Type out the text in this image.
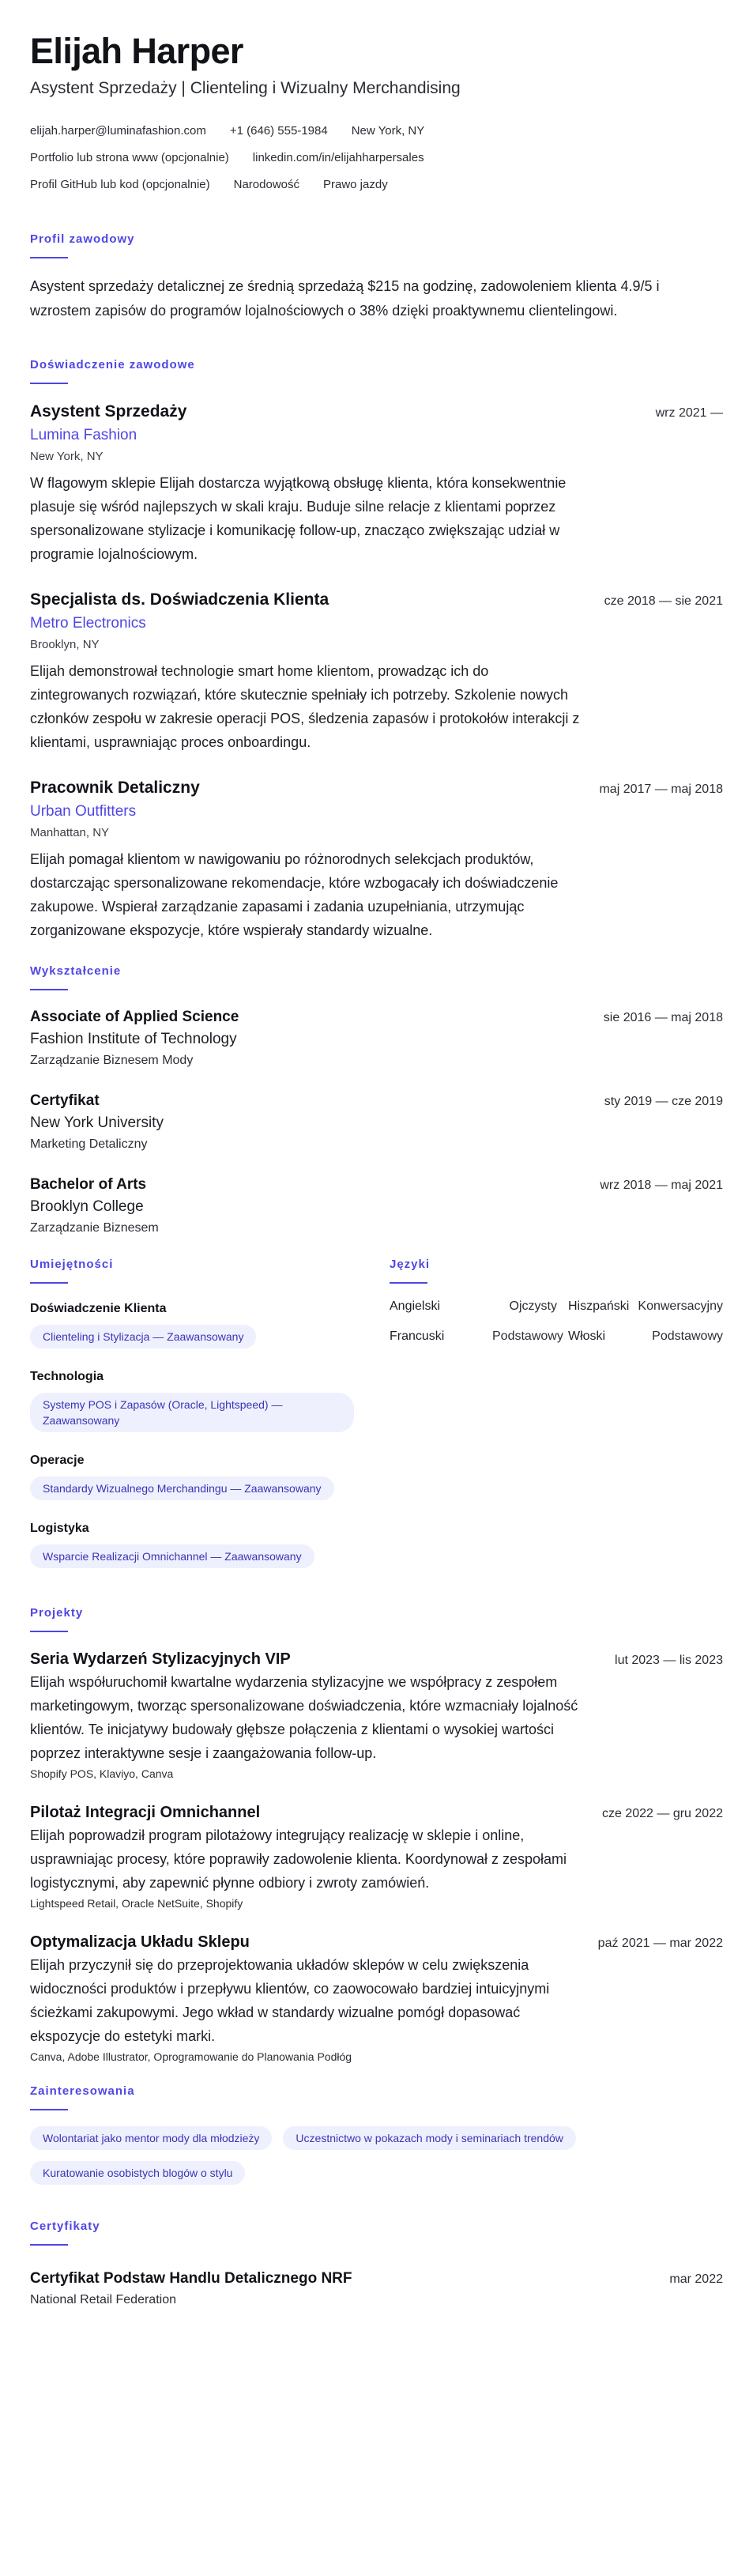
Elijah Harper
Asystent Sprzedaży | Clienteling i Wizualny Merchandising
elijah.harper@luminafashion.com +1 (646) 555-1984 New York, NY
Portfolio lub strona www (opcjonalnie) linkedin.com/in/elijahharpersales
Profil GitHub lub kod (opcjonalnie) Narodowość Prawo jazdy
Profil zawodowy
Asystent sprzedaży detalicznej ze średnią sprzedażą $215 na godzinę, zadowoleniem klienta 4.9/5 i wzrostem zapisów do programów lojalnościowych o 38% dzięki proaktywnemu clientelingowi.
Doświadczenie zawodowe
Asystent Sprzedaży	wrz 2021 —
Lumina Fashion
New York, NY
W flagowym sklepie Elijah dostarcza wyjątkową obsługę klienta, która konsekwentnie plasuje się wśród najlepszych w skali kraju. Buduje silne relacje z klientami poprzez spersonalizowane stylizacje i komunikację follow-up, znacząco zwiększając udział w programie lojalnościowym.
Specjalista ds. Doświadczenia Klienta	cze 2018 — sie 2021
Metro Electronics
Brooklyn, NY
Elijah demonstrował technologie smart home klientom, prowadząc ich do zintegrowanych rozwiązań, które skutecznie spełniały ich potrzeby. Szkolenie nowych członków zespołu w zakresie operacji POS, śledzenia zapasów i protokołów interakcji z klientami, usprawniając proces onboardingu.
Pracownik Detaliczny	maj 2017 — maj 2018
Urban Outfitters
Manhattan, NY
Elijah pomagał klientom w nawigowaniu po różnorodnych selekcjach produktów, dostarczając spersonalizowane rekomendacje, które wzbogacały ich doświadczenie zakupowe. Wspierał zarządzanie zapasami i zadania uzupełniania, utrzymując zorganizowane ekspozycje, które wspierały standardy wizualne.
Wykształcenie
Associate of Applied Science	sie 2016 — maj 2018
Fashion Institute of Technology
Zarządzanie Biznesem Mody
Certyfikat	sty 2019 — cze 2019
New York University
Marketing Detaliczny
Bachelor of Arts	wrz 2018 — maj 2021
Brooklyn College
Zarządzanie Biznesem
Umiejętności
Doświadczenie Klienta
Clienteling i Stylizacja — Zaawansowany
Technologia
Systemy POS i Zapasów (Oracle, Lightspeed) — Zaawansowany
Operacje
Standardy Wizualnego Merchandingu — Zaawansowany
Logistyka
Wsparcie Realizacji Omnichannel — Zaawansowany
Języki
Angielski	Ojczysty Hiszpański Konwersacyjny
Francuski	Podstawowy Włoski	Podstawowy
Projekty
Seria Wydarzeń Stylizacyjnych VIP	lut 2023 — lis 2023
Elijah współuruchomił kwartalne wydarzenia stylizacyjne we współpracy z zespołem marketingowym, tworząc spersonalizowane doświadczenia, które wzmacniały lojalność klientów. Te inicjatywy budowały głębsze połączenia z klientami o wysokiej wartości poprzez interaktywne sesje i zaangażowania follow-up.
Shopify POS, Klaviyo, Canva
Pilotaż Integracji Omnichannel	cze 2022 — gru 2022
Elijah poprowadził program pilotażowy integrujący realizację w sklepie i online, usprawniając procesy, które poprawiły zadowolenie klienta. Koordynował z zespołami logistycznymi, aby zapewnić płynne odbiory i zwroty zamówień.
Lightspeed Retail, Oracle NetSuite, Shopify
Optymalizacja Układu Sklepu	paź 2021 — mar 2022
Elijah przyczynił się do przeprojektowania układów sklepów w celu zwiększenia widoczności produktów i przepływu klientów, co zaowocowało bardziej intuicyjnymi ścieżkami zakupowymi. Jego wkład w standardy wizualne pomógł dopasować ekspozycje do estetyki marki.
Canva, Adobe Illustrator, Oprogramowanie do Planowania Podłóg
Zainteresowania
Wolontariat jako mentor mody dla młodzieży	Uczestnictwo w pokazach mody i seminariach trendów
Kuratowanie osobistych blogów o stylu
Certyfikaty
Certyfikat Podstaw Handlu Detalicznego NRF	mar 2022
National Retail Federation
